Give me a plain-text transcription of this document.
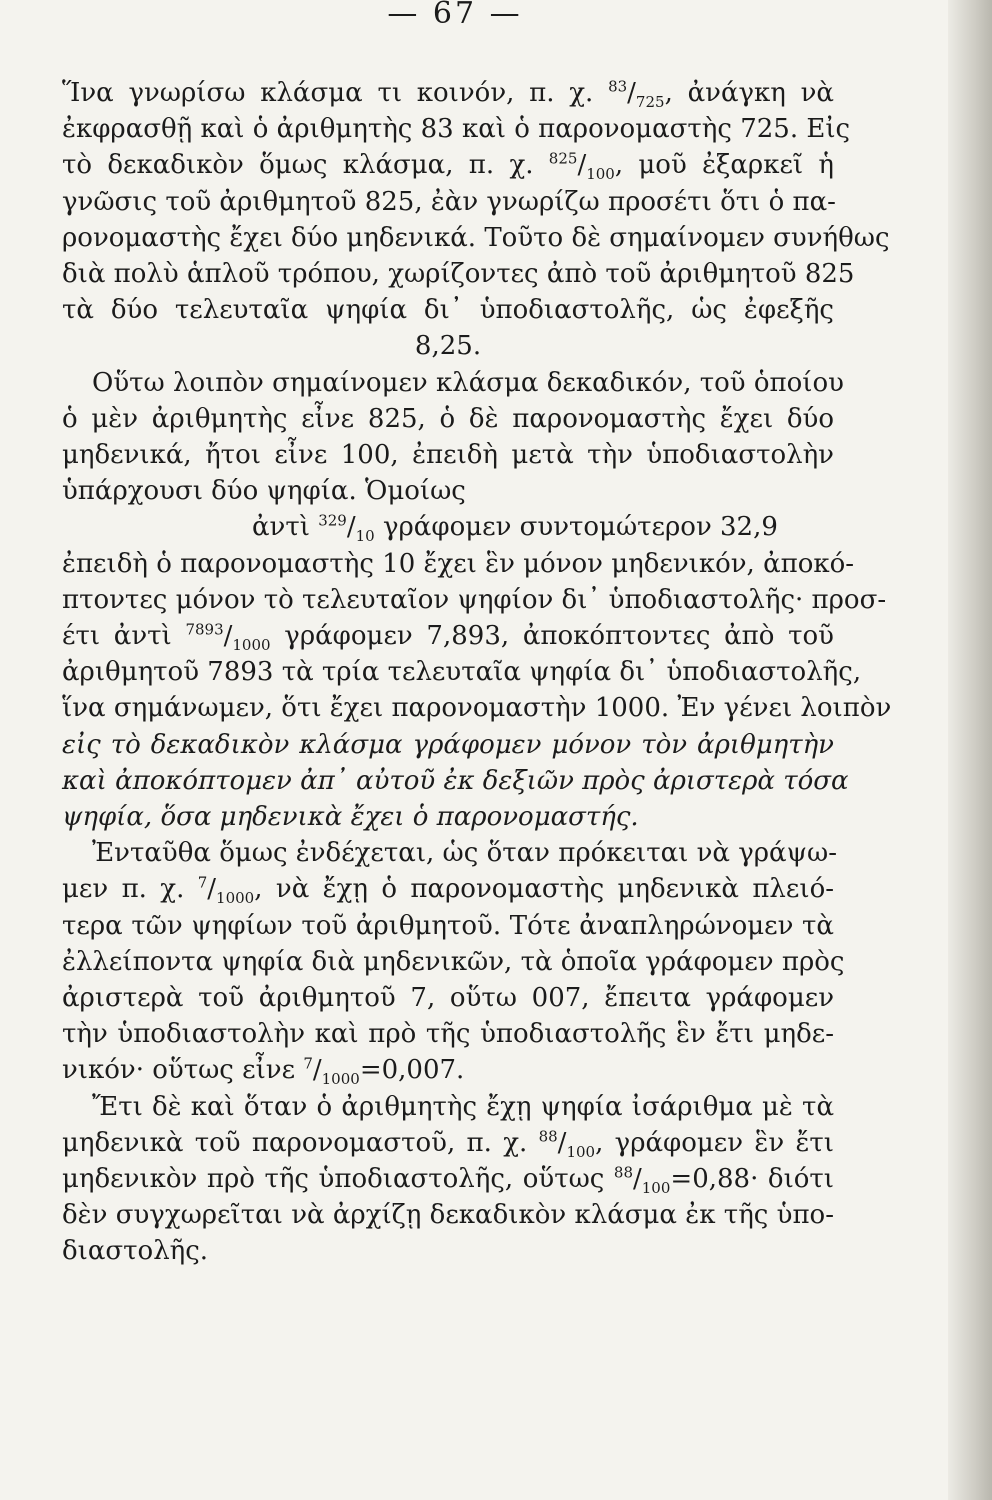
— 67 —
Ἵνα γνωρίσω κλάσμα τι κοινόν, π. χ. $^{83}/_{725}$, ἀνάγκη νὰ
ἐκφρασθῇ καὶ ὁ ἀριθμητὴς 83 καὶ ὁ παρονομαστὴς 725. Εἰς
τὸ δεκαδικὸν ὅμως κλάσμα, π. χ. $^{825}/_{100}$, μοῦ ἐξαρκεῖ ἡ
γνῶσις τοῦ ἀριθμητοῦ 825, ἐὰν γνωρίζω προσέτι ὅτι ὁ πα-
ρονομαστὴς ἔχει δύο μηδενικά. Τοῦτο δὲ σημαίνομεν συνήθως
διὰ πολὺ ἁπλοῦ τρόπου, χωρίζοντες ἀπὸ τοῦ ἀριθμητοῦ 825
τὰ δύο τελευταῖα ψηφία δι᾽ ὑποδιαστολῆς, ὡς ἐφεξῆς
8,25.
Οὕτω λοιπὸν σημαίνομεν κλάσμα δεκαδικόν, τοῦ ὁποίου
ὁ μὲν ἀριθμητὴς εἶνε 825, ὁ δὲ παρονομαστὴς ἔχει δύο
μηδενικά, ἤτοι εἶνε 100, ἐπειδὴ μετὰ τὴν ὑποδιαστολὴν
ὑπάρχουσι δύο ψηφία. Ὁμοίως
ἀντὶ $^{329}/_{10}$ γράφομεν συντομώτερον 32,9
ἐπειδὴ ὁ παρονομαστὴς 10 ἔχει ἓν μόνον μηδενικόν, ἀποκό-
πτοντες μόνον τὸ τελευταῖον ψηφίον δι᾽ ὑποδιαστολῆς· προσ-
έτι ἀντὶ $^{7893}/_{1000}$ γράφομεν 7,893, ἀποκόπτοντες ἀπὸ τοῦ
ἀριθμητοῦ 7893 τὰ τρία τελευταῖα ψηφία δι᾽ ὑποδιαστολῆς,
ἵνα σημάνωμεν, ὅτι ἔχει παρονομαστὴν 1000. Ἐν γένει λοιπὸν
εἰς τὸ δεκαδικὸν κλάσμα γράφομεν μόνον τὸν ἀριθμητὴν
καὶ ἀποκόπτομεν ἀπ᾽ αὐτοῦ ἐκ δεξιῶν πρὸς ἀριστερὰ τόσα
ψηφία, ὅσα μηδενικὰ ἔχει ὁ παρονομαστής.
Ἐνταῦθα ὅμως ἐνδέχεται, ὡς ὅταν πρόκειται νὰ γράψω-
μεν π. χ. $^7/_{1000}$, νὰ ἔχῃ ὁ παρονομαστὴς μηδενικὰ πλειό-
τερα τῶν ψηφίων τοῦ ἀριθμητοῦ. Τότε ἀναπληρώνομεν τὰ
ἐλλείποντα ψηφία διὰ μηδενικῶν, τὰ ὁποῖα γράφομεν πρὸς
ἀριστερὰ τοῦ ἀριθμητοῦ 7, οὕτω 007, ἔπειτα γράφομεν
τὴν ὑποδιαστολὴν καὶ πρὸ τῆς ὑποδιαστολῆς ἓν ἔτι μηδε-
νικόν· οὕτως εἶνε $^7/_{1000}=0,007$.
Ἔτι δὲ καὶ ὅταν ὁ ἀριθμητὴς ἔχῃ ψηφία ἰσάριθμα μὲ τὰ
μηδενικὰ τοῦ παρονομαστοῦ, π. χ. $^{88}/_{100}$, γράφομεν ἓν ἔτι
μηδενικὸν πρὸ τῆς ὑποδιαστολῆς, οὕτως $^{88}/_{100}=0,88\cdot \delta\iota ό\tau\iota$
δὲν συγχωρεῖται νὰ ἀρχίζῃ δεκαδικὸν κλάσμα ἐκ τῆς ὑπο-
διαστολῆς.
